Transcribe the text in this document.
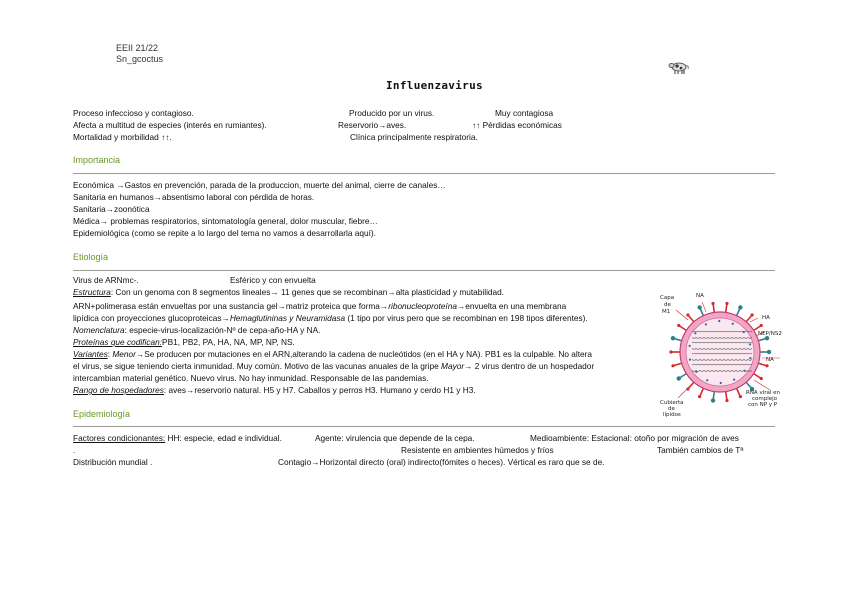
EEII 21/22
Sn_gcoctus
Influenzavirus
Proceso infeccioso y contagioso.	Producido por un virus.	Muy contagiosa
Afecta a multitud de especies (interés en rumiantes).	Reservorio→aves.	↑↑ Pérdidas económicas
Mortalidad y morbilidad ↑↑.	Clínica principalmente respiratoria.
Importancia
Económica →Gastos en prevención, parada de la produccion, muerte del animal, cierre de canales…
Sanitaria en humanos→absentismo laboral con pérdida de horas.
Sanitaria→zoonótica
Médica→ problemas respiratorios, sintomatología general, dolor muscular, fiebre…
Epidemiológica (como se repite a lo largo del tema no vamos a desarrollarla aquí).
Etiología
Virus de ARNmc-.	Esférico y con envuelta
Estructura: Con un genoma con 8 segmentos lineales→ 11 genes que se recombinan→alta plasticidad y mutabilidad.
ARN+polimerasa están envueltas por una sustancia gel→matriz proteica que forma→ribonucleoproteína→envuelta en una membrana
lipídica con proyecciones glucoproteicas→Hemaglutininas y Neuramidasa (1 tipo por virus pero que se recombinan en 198 tipos diferentes).
Nomenclatura: especie-virus-localización-Nº de cepa-año-HA y NA.
Proteínas que codifican:PB1, PB2, PA, HA, NA, MP, NP, NS.
Variantes: Menor→Se producen por mutaciones en el ARN,alterando la cadena de nucleótidos (en el HA y NA). PB1 es la culpable. No altera
el virus, se sigue teniendo cierta inmunidad. Muy común. Motivo de las vacunas anuales de la gripe Mayor→ 2 virus dentro de un hospedador
intercambian material genético. Nuevo virus. No hay inmunidad. Responsable de las pandemias.
Rango de hospedadores: aves→reservorio natural. H5 y H7. Caballos y perros H3. Humano y cerdo H1 y H3.
Capa
de
M1
NA
HA
NEP/NS2
NA
RNA viral en
complejo
con NP y P
Cubierta
de
lípidos
Epidemiología
Factores condicionantes: HH: especie, edad e individual.	Agente: virulencia que depende de la cepa.	Medioambiente: Estacional: otoño por migración de aves
.	Resistente en ambientes húmedos y fríos	También cambios de Tª
Distribución mundial .	Contagio→Horizontal directo (oral) indirecto(fómites o heces). Vértical es raro que se de.
